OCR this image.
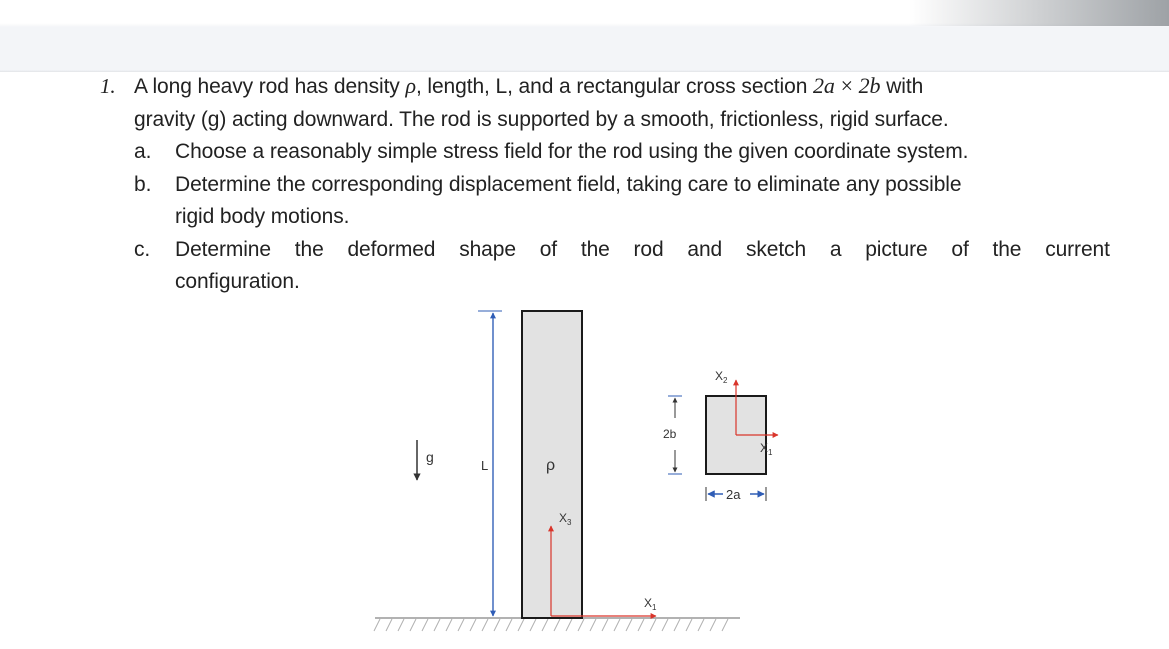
1. A long heavy rod has density ρ, length, L, and a rectangular cross section 2a × 2b with
gravity (g) acting downward. The rod is supported by a smooth, frictionless, rigid surface.
a. Choose a reasonably simple stress field for the rod using the given coordinate system.
b. Determine the corresponding displacement field, taking care to eliminate any possible
rigid body motions.
c. Determine the deformed shape of the rod and sketch a picture of the current
configuration.
g
L	ρ
$X_3$
$X_1$
2b
$X_2$
$X_1$
2a
